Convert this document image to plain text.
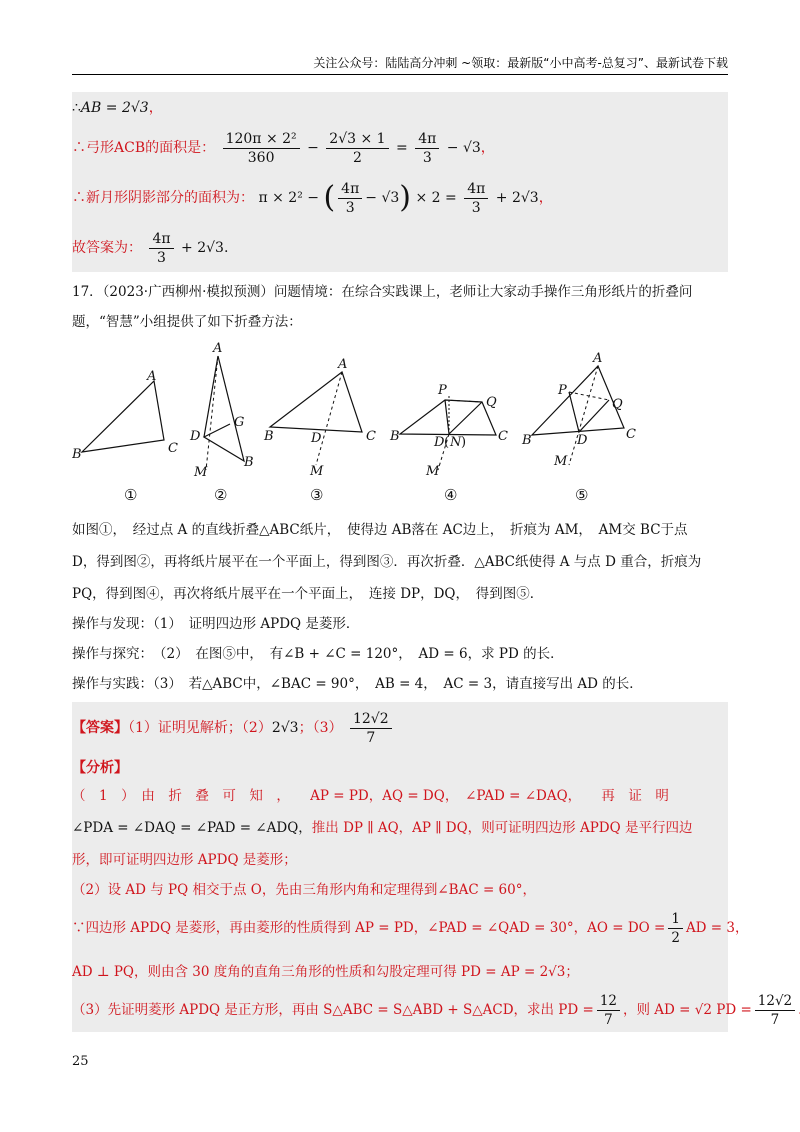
关注公众号：陆陆高分冲刺 ~领取：最新版“小中高考-总复习”、最新试卷下载
∴AB = 2√3，
∴弓形ACB的面积是： $\frac{\text{120π × 2²}}{360} - \frac{2√3 \times 1}{2} = \frac{4\pi}{3} - √3$，
∴新月形阴影部分的面积为： π × 2² − ( $\frac{4\pi}{3} - √3) \times 2 = \frac{4\pi}{3} + 2√3$，
故答案为： $\frac{4\pi}{3} + 2√3$.
17．（2023·广西柳州·模拟预测）问题情境：在综合实践课上，老师让大家动手操作三角形纸片的折叠问
题，“智慧”小组提供了如下折叠方法：
A
C
B
①
A
G
D
B
M
②
A
B	C
D
M
③
P
Q
B	C
D ( N )
M
④
A
P
Q
B	C
D
M
⑤
如图①，　经过点 A 的直线折叠△ABC纸片，　使得边 AB落在 AC边上，　折痕为 AM，　AM交 BC于点
D，得到图②，再将纸片展平在一个平面上，得到图③．再次折叠．△ABC纸使得 A 与点 D 重合，折痕为
PQ，得到图④，再次将纸片展平在一个平面上，　连接 DP，DQ，　得到图⑤．
操作与发现：（1）　证明四边形 APDQ 是菱形．
操作与探究：　（2）　在图⑤中，　有∠B + ∠C = 120°，　AD = 6，求 PD 的长．
操作与实践：（3）　若△ABC中，∠BAC = 90°，　AB = 4，　AC = 3，请直接写出 AD 的长．
【答案】（1）证明见解析；（2）2√3；$(3) \frac{12√2}{7}$
【分析】
（　1　）　由　折　叠　可　知　，　　AP = PD，AQ = DQ，　∠PAD = ∠DAQ，　　再　证　明
∠PDA = ∠DAQ = ∠PAD = ∠ADQ，推出 DP ∥ AQ，AP ∥ DQ，则可证明四边形 APDQ 是平行四边
形，即可证明四边形 APDQ 是菱形；
（2）设 AD 与 PQ 相交于点 O，先由三角形内角和定理得到∠BAC = 60°，
∵四边形 APDQ 是菱形，再由菱形的性质得到 AP = PD，∠PAD = ∠QAD = 30°，AO = DO = $\frac{1}{2}$ AD = 3，
AD ⊥ PQ，则由含 30 度角的直角三角形的性质和勾股定理可得 PD = AP = 2√3；
（3）先证明菱形 APDQ 是正方形，再由 S△ABC = S△ABD + S△ACD，求出 PD = $\frac{12}{7}$ ，则 AD = √2 PD = $\frac{12√2}{7}$
25
